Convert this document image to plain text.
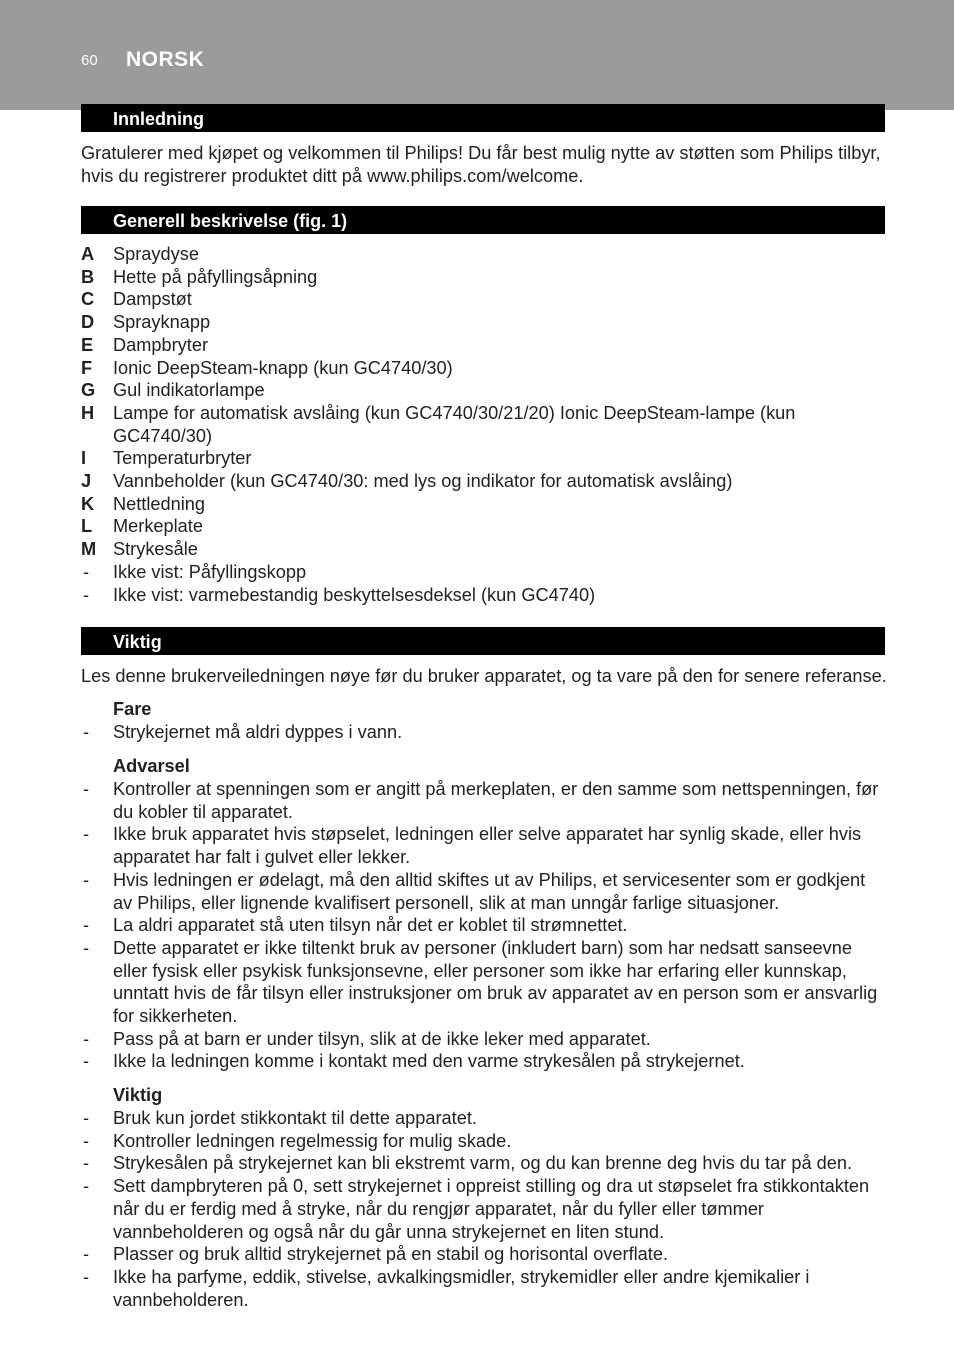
60 NORSK
Innledning

Gratulerer med kjøpet og velkommen til Philips! Du får best mulig nytte av støtten som Philips tilbyr, hvis du registrerer produktet ditt på www.philips.com/welcome.

Generell beskrivelse (fig. 1)
A	Spraydyse
B	Hette på påfyllingsåpning
C	Dampstøt
D	Sprayknapp
E	Dampbryter
F	Ionic DeepSteam-knapp (kun GC4740/30)
G Gul indikatorlampe
H	Lampe for automatisk avslåing (kun GC4740/30/21/20) Ionic DeepSteam-lampe (kun GC4740/30)
I	Temperaturbryter
J	Vannbeholder (kun GC4740/30: med lys og indikator for automatisk avslåing)
K	Nettledning
L	Merkeplate
M Strykesåle
-	Ikke vist: Påfyllingskopp
-	Ikke vist: varmebestandig beskyttelsesdeksel (kun GC4740)
Viktig

Les denne brukerveiledningen nøye før du bruker apparatet, og ta vare på den for senere referanse.

Fare
-	Strykejernet må aldri dyppes i vann.
Advarsel
-	Kontroller at spenningen som er angitt på merkeplaten, er den samme som nettspenningen, før du kobler til apparatet.
-	Ikke bruk apparatet hvis støpselet, ledningen eller selve apparatet har synlig skade, eller hvis apparatet har falt i gulvet eller lekker.
-	Hvis ledningen er ødelagt, må den alltid skiftes ut av Philips, et servicesenter som er godkjent av Philips, eller lignende kvalifisert personell, slik at man unngår farlige situasjoner.
-	La aldri apparatet stå uten tilsyn når det er koblet til strømnettet.
-	Dette apparatet er ikke tiltenkt bruk av personer (inkludert barn) som har nedsatt sanseevne eller fysisk eller psykisk funksjonsevne, eller personer som ikke har erfaring eller kunnskap, unntatt hvis de får tilsyn eller instruksjoner om bruk av apparatet av en person som er ansvarlig for sikkerheten.
-	Pass på at barn er under tilsyn, slik at de ikke leker med apparatet.
-	Ikke la ledningen komme i kontakt med den varme strykesålen på strykejernet.
Viktig
-	Bruk kun jordet stikkontakt til dette apparatet.
-	Kontroller ledningen regelmessig for mulig skade.
-	Strykesålen på strykejernet kan bli ekstremt varm, og du kan brenne deg hvis du tar på den.
-	Sett dampbryteren på 0, sett strykejernet i oppreist stilling og dra ut støpselet fra stikkontakten når du er ferdig med å stryke, når du rengjør apparatet, når du fyller eller tømmer vannbeholderen og også når du går unna strykejernet en liten stund.
-	Plasser og bruk alltid strykejernet på en stabil og horisontal overflate.
-	Ikke ha parfyme, eddik, stivelse, avkalkingsmidler, strykemidler eller andre kjemikalier i vannbeholderen.
